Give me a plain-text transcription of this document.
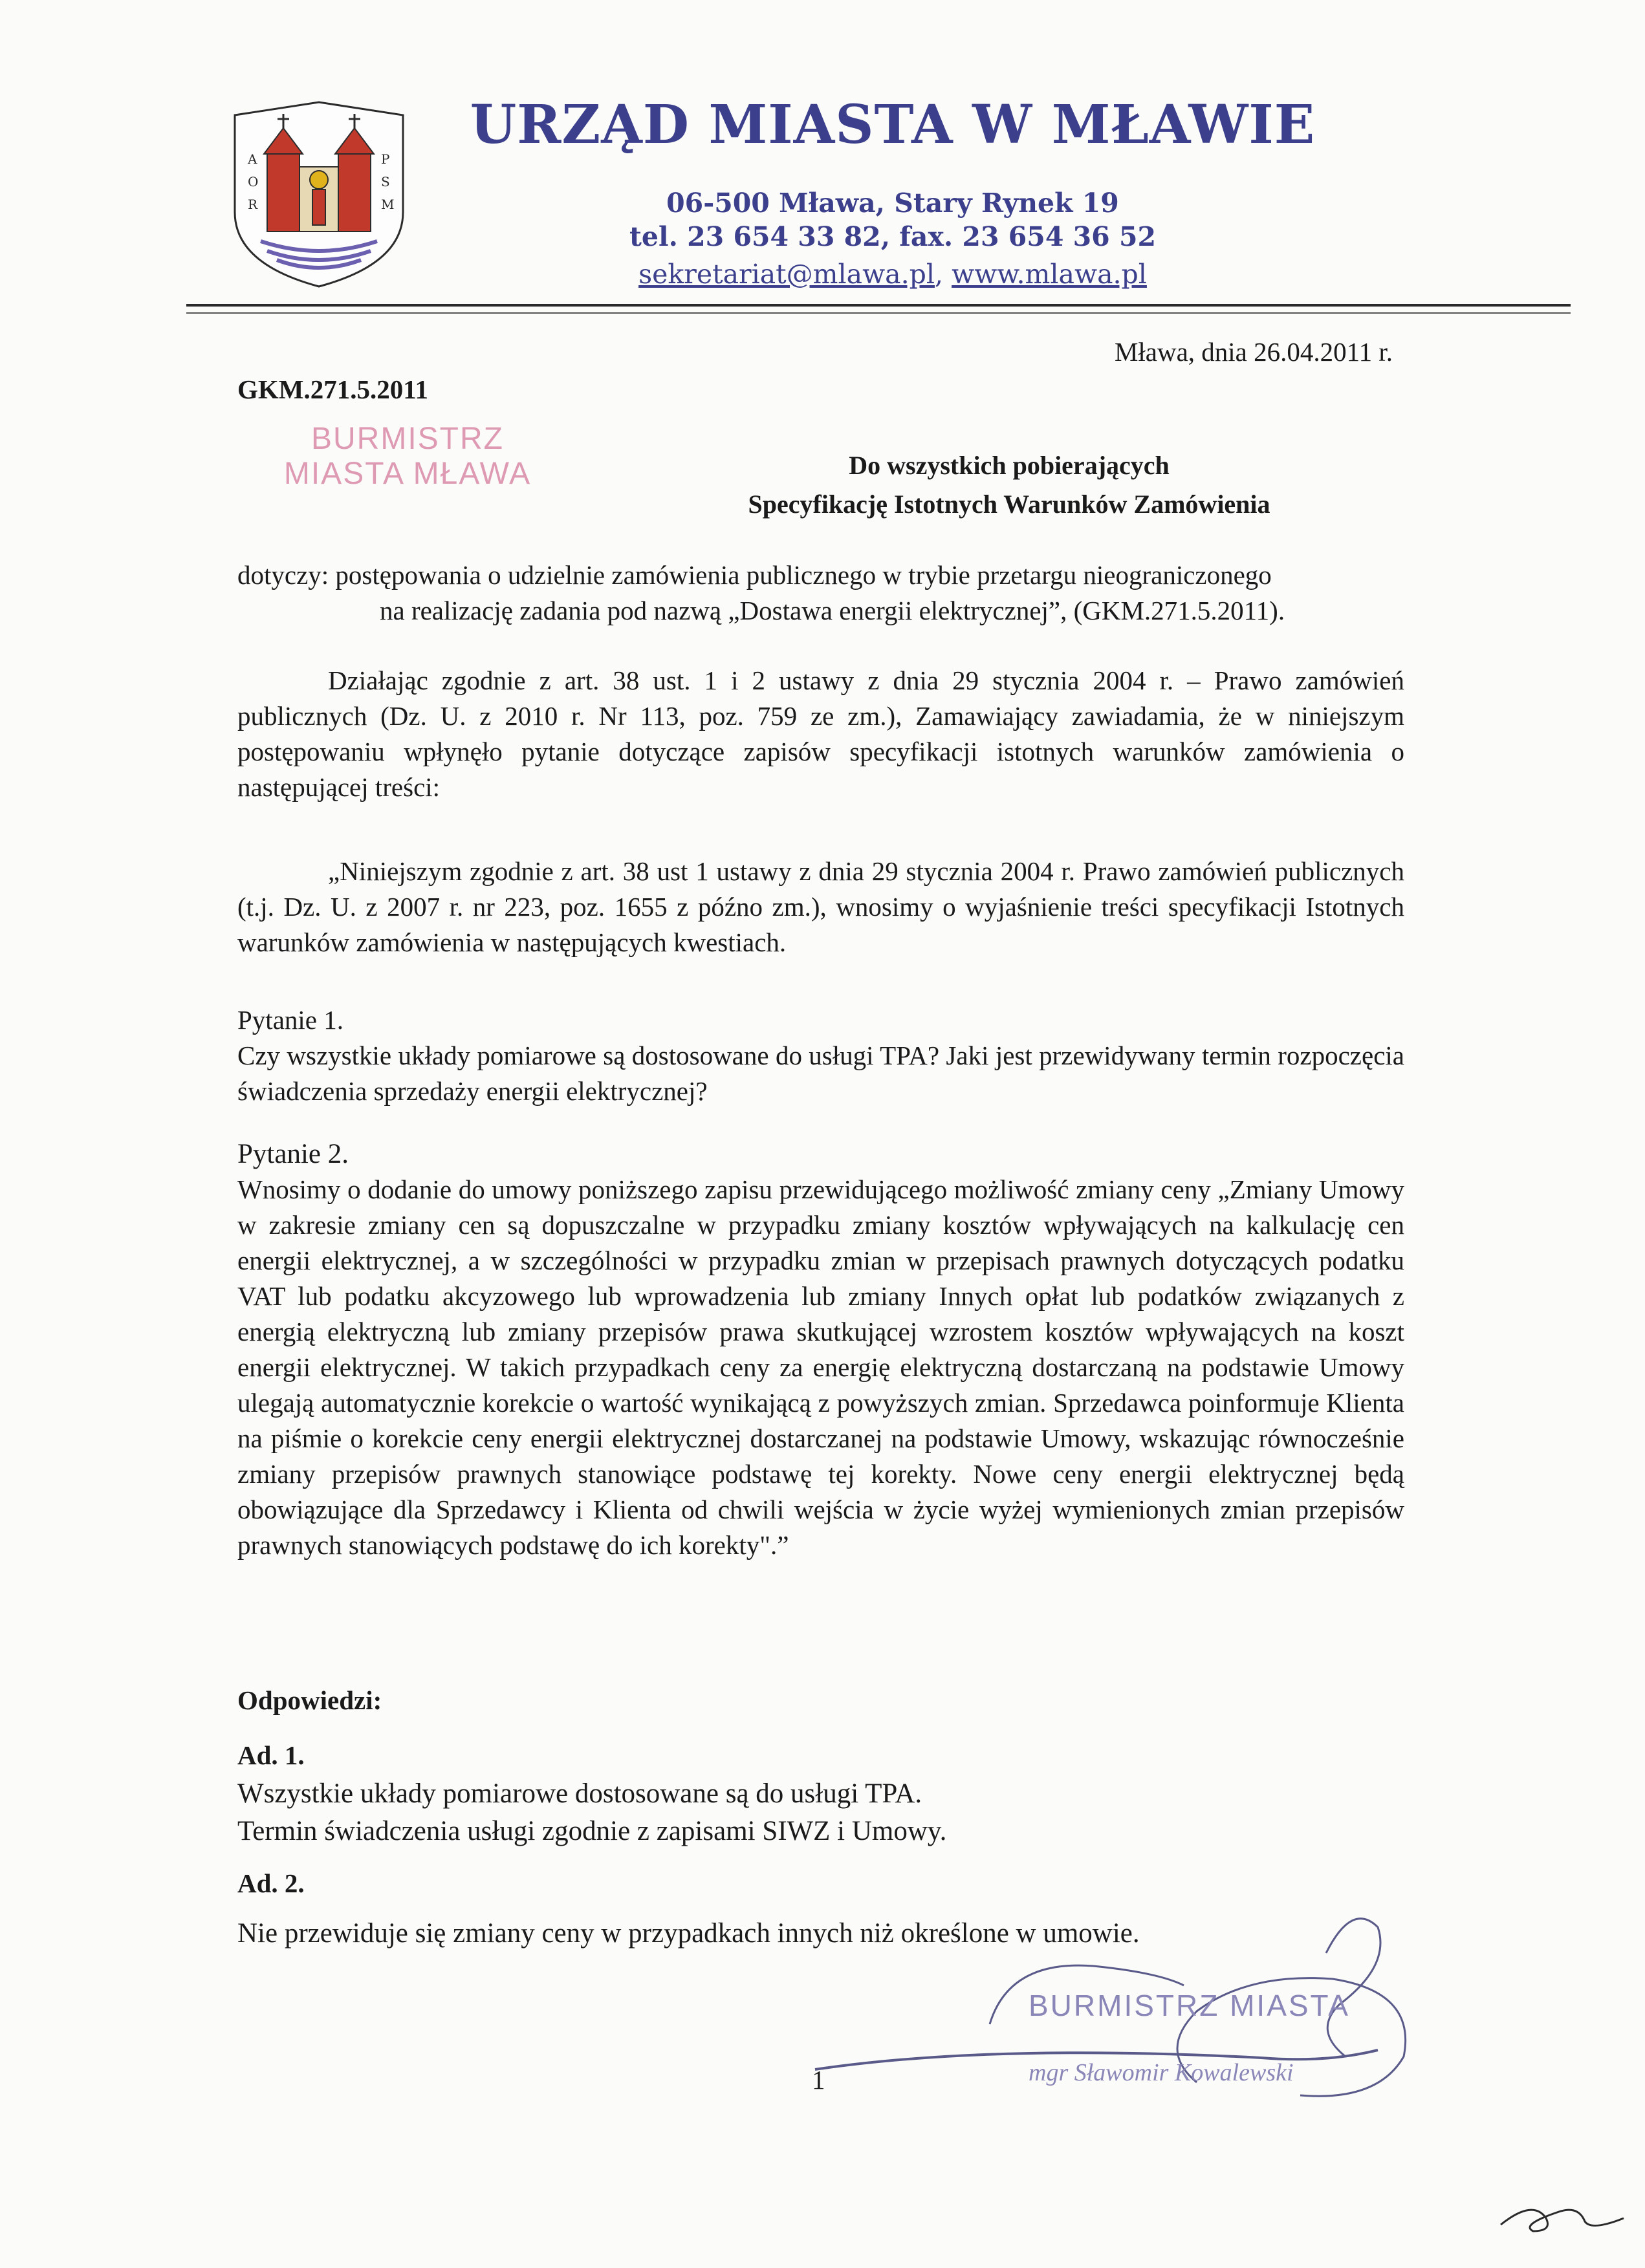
A
O
R
P
S
M
URZĄD MIASTA W MŁAWIE
06-500 Mława, Stary Rynek 19
tel. 23 654 33 82, fax. 23 654 36 52
sekretariat@mlawa.pl, www.mlawa.pl
Mława, dnia 26.04.2011 r.
GKM.271.5.2011
BURMISTRZ
MIASTA MŁAWA	Do wszystkich pobierających
Specyfikację Istotnych Warunków Zamówienia
dotyczy: postępowania o udzielnie zamówienia publicznego w trybie przetargu nieograniczonego
na realizację zadania pod nazwą „Dostawa energii elektrycznej”, (GKM.271.5.2011).
Działając zgodnie z art. 38 ust. 1 i 2 ustawy z dnia 29 stycznia 2004 r. – Prawo zamówień publicznych (Dz. U. z 2010 r. Nr 113, poz. 759 ze zm.), Zamawiający zawiadamia, że w niniejszym postępowaniu wpłynęło pytanie dotyczące zapisów specyfikacji istotnych warunków zamówienia o następującej treści:
„Niniejszym zgodnie z art. 38 ust 1 ustawy z dnia 29 stycznia 2004 r. Prawo zamówień publicznych (t.j. Dz. U. z 2007 r. nr 223, poz. 1655 z późno zm.), wnosimy o wyjaśnienie treści specyfikacji Istotnych warunków zamówienia w następujących kwestiach.
Pytanie 1.
Czy wszystkie układy pomiarowe są dostosowane do usługi TPA? Jaki jest przewidywany termin rozpoczęcia świadczenia sprzedaży energii elektrycznej?
Pytanie 2.
Wnosimy o dodanie do umowy poniższego zapisu przewidującego możliwość zmiany ceny „Zmiany Umowy w zakresie zmiany cen są dopuszczalne w przypadku zmiany kosztów wpływających na kalkulację cen energii elektrycznej, a w szczególności w przypadku zmian w przepisach prawnych dotyczących podatku VAT lub podatku akcyzowego lub wprowadzenia lub zmiany Innych opłat lub podatków związanych z energią elektryczną lub zmiany przepisów prawa skutkującej wzrostem kosztów wpływających na koszt energii elektrycznej. W takich przypadkach ceny za energię elektryczną dostarczaną na podstawie Umowy ulegają automatycznie korekcie o wartość wynikającą z powyższych zmian. Sprzedawca poinformuje Klienta na piśmie o korekcie ceny energii elektrycznej dostarczanej na podstawie Umowy, wskazując równocześnie zmiany przepisów prawnych stanowiące podstawę tej korekty. Nowe ceny energii elektrycznej będą obowiązujące dla Sprzedawcy i Klienta od chwili wejścia w życie wyżej wymienionych zmian przepisów prawnych stanowiących podstawę do ich korekty".”
Odpowiedzi:
Ad. 1.
Wszystkie układy pomiarowe dostosowane są do usługi TPA.
Termin świadczenia usługi zgodnie z zapisami SIWZ i Umowy.
Ad. 2.
Nie przewiduje się zmiany ceny w przypadkach innych niż określone w umowie.
BURMISTRZ MIASTA
mgr Sławomir Kowalewski
1
